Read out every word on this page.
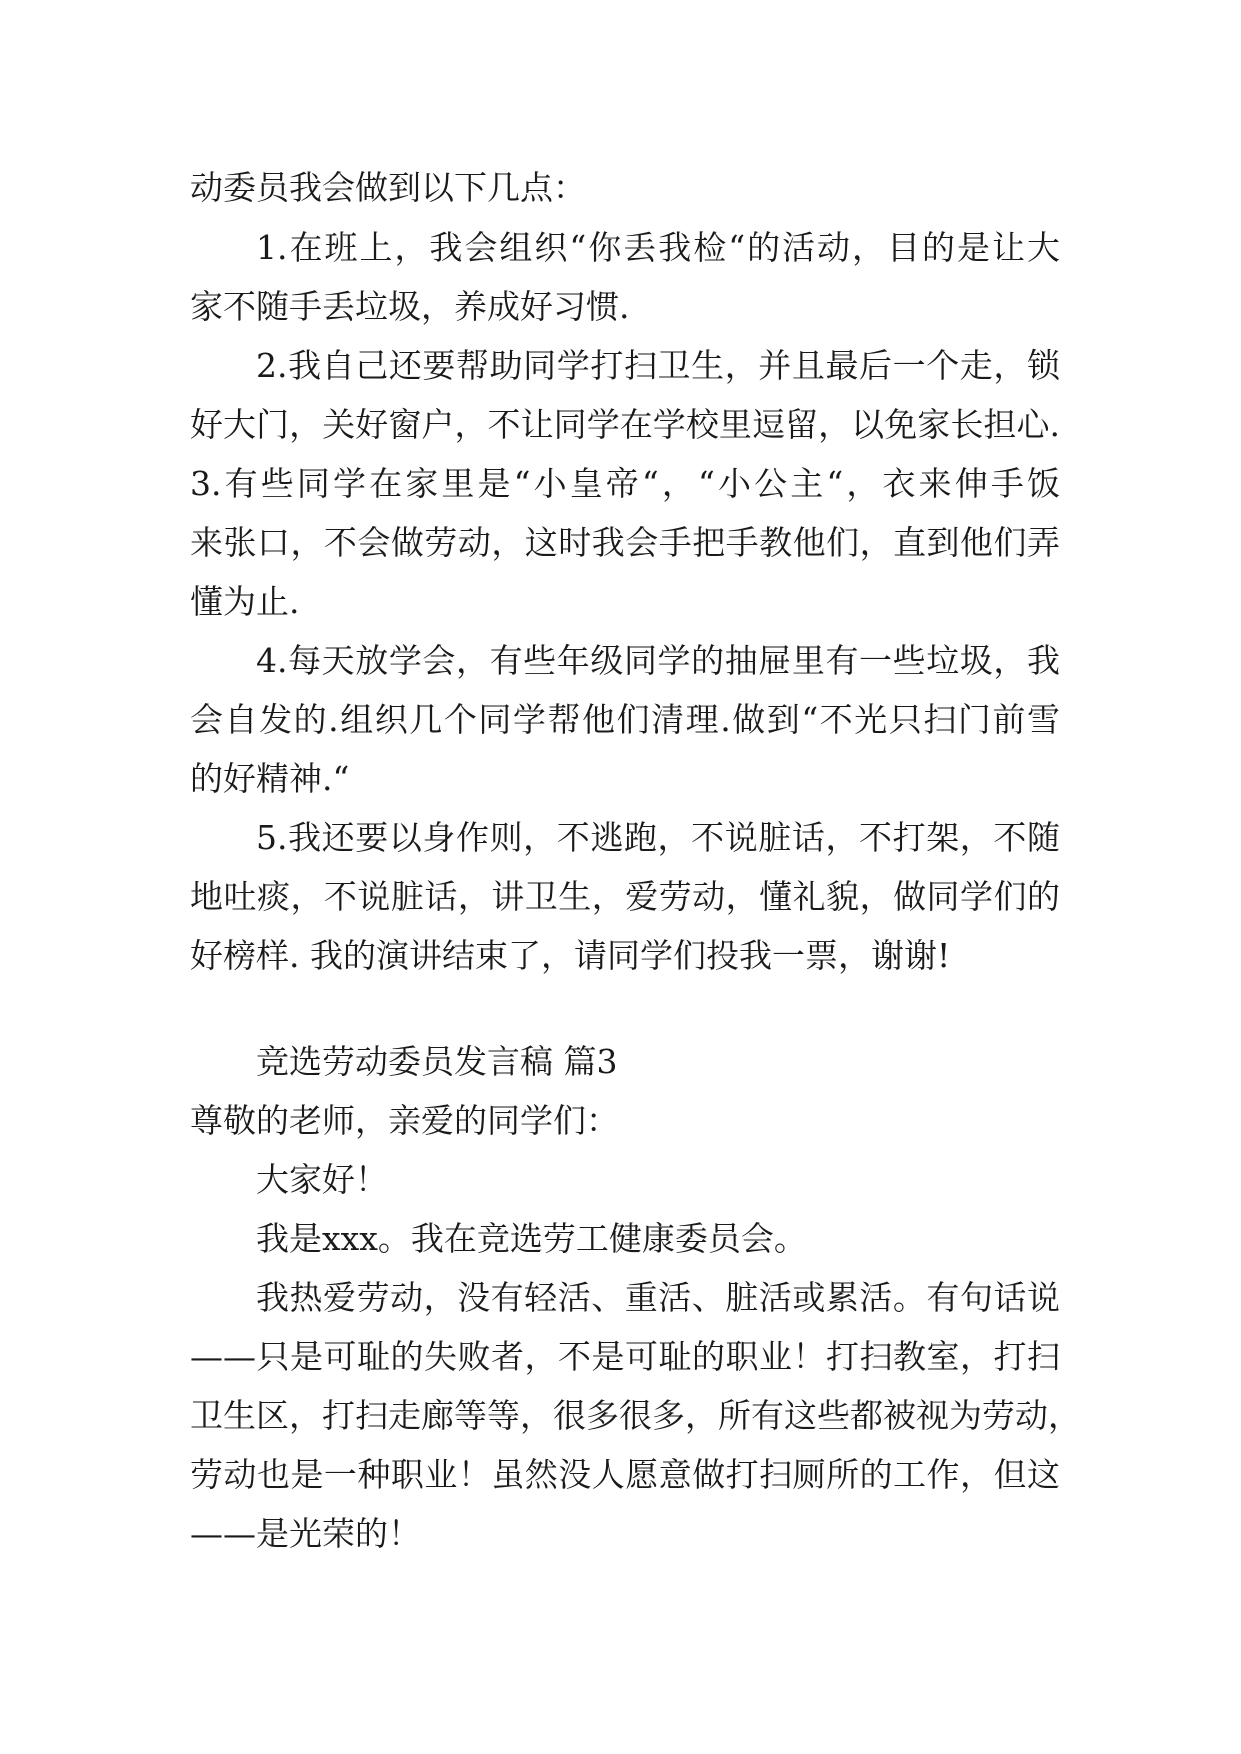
动委员我会做到以下几点：
1.在班上，我会组织“你丢我检“的活动，目的是让大
家不随手丢垃圾，养成好习惯.
2.我自己还要帮助同学打扫卫生，并且最后一个走，锁
好大门，关好窗户，不让同学在学校里逗留，以免家长担心.
3.有些同学在家里是“小皇帝“，“小公主“，衣来伸手饭
来张口，不会做劳动，这时我会手把手教他们，直到他们弄
懂为止.
4.每天放学会，有些年级同学的抽屉里有一些垃圾，我
会自发的.组织几个同学帮他们清理.做到“不光只扫门前雪
的好精神.“
5.我还要以身作则，不逃跑，不说脏话，不打架，不随
地吐痰，不说脏话，讲卫生，爱劳动，懂礼貌，做同学们的
好榜样. 我的演讲结束了，请同学们投我一票，谢谢!
竞选劳动委员发言稿 篇3
尊敬的老师，亲爱的同学们：
大家好！
我是xxx。我在竞选劳工健康委员会。
我热爱劳动，没有轻活、重活、脏活或累活。有句话说
——只是可耻的失败者，不是可耻的职业！打扫教室，打扫
卫生区，打扫走廊等等，很多很多，所有这些都被视为劳动，
劳动也是一种职业！虽然没人愿意做打扫厕所的工作，但这
——是光荣的！
